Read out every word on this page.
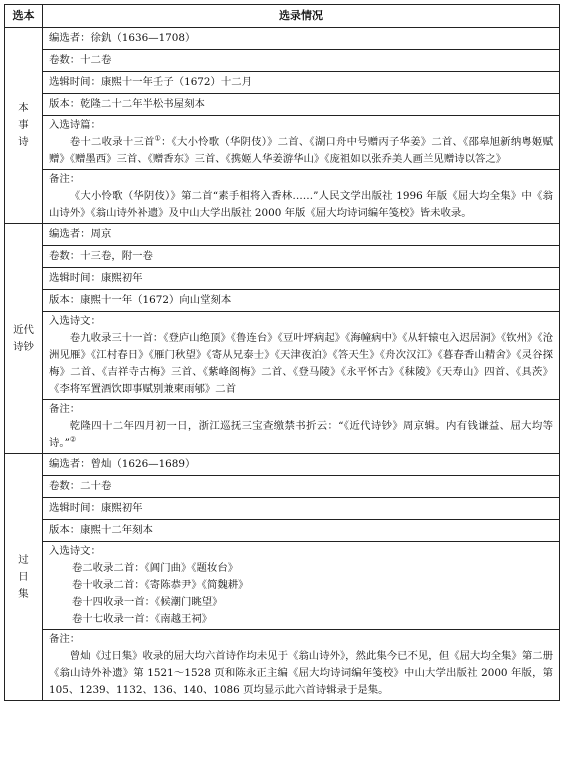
选本	选录情况

本
事
诗	编选者：徐釚（1636—1708）
	卷数：十二卷
	选辑时间：康熙十一年壬子（1672）十二月
	版本：乾隆二十二年半松书屋刻本

	入选诗篇：
卷十二收录十三首①：《大小怜歌（华阴伎）》二首、《湖口舟中号赠丙子华姜》二首、《邵皋旭新纳粤姬赋赠》《赠墨西》三首、《赠香东》三首、《携姬人华姜游华山》《庞祖如以张乔美人画兰见赠诗以答之》

	备注：
《大小怜歌（华阴伎）》第二首“素手相将入香林……”人民文学出版社 1996 年版《屈大均全集》中《翁山诗外》《翁山诗外补遗》及中山大学出版社 2000 年版《屈大均诗词编年笺校》皆未收录。

近代
诗钞	编选者：周京
	卷数：十三卷，附一卷
	选辑时间：康熙初年
	版本：康熙十一年（1672）向山堂刻本

	入选诗文：
卷九收录三十一首：《登庐山绝顶》《鲁连台》《豆叶坪病起》《海幢病中》《从轩辕屯入迟居洞》《钦州》《沧洲见雁》《江村春日》《雁门秋望》《寄从兄泰士》《天津夜泊》《答天生》《舟次汉江》《暮春香山精舍》《灵谷探梅》二首、《吉祥寺古梅》三首、《紫峰阁梅》二首、《登马陵》《永平怀古》《秣陵》《天寿山》四首、《具茨》《李将军置酒饮即事赋别兼柬雨郇》二首

	备注：
乾隆四十二年四月初一日，浙江巡抚三宝查缴禁书折云：“《近代诗钞》周京辑。内有钱谦益、屈大均等诗。”②

过
日
集	编选者：曾灿（1626—1689）
	卷数：二十卷
	选辑时间：康熙初年
	版本：康熙十二年刻本

	入选诗文：
卷二收录二首：《阊门曲》《题妆台》
卷十收录二首：《寄陈恭尹》《简魏耕》
卷十四收录一首：《候潮门眺望》
卷十七收录一首：《南越王祠》

	备注：
曾灿《过日集》收录的屈大均六首诗作均未见于《翁山诗外》，然此集今已不见，但《屈大均全集》第二册《翁山诗外补遗》第 1521～1528 页和陈永正主编《屈大均诗词编年笺校》中山大学出版社 2000 年版，第 105、1239、1132、136、140、1086 页均显示此六首诗辑录于是集。
